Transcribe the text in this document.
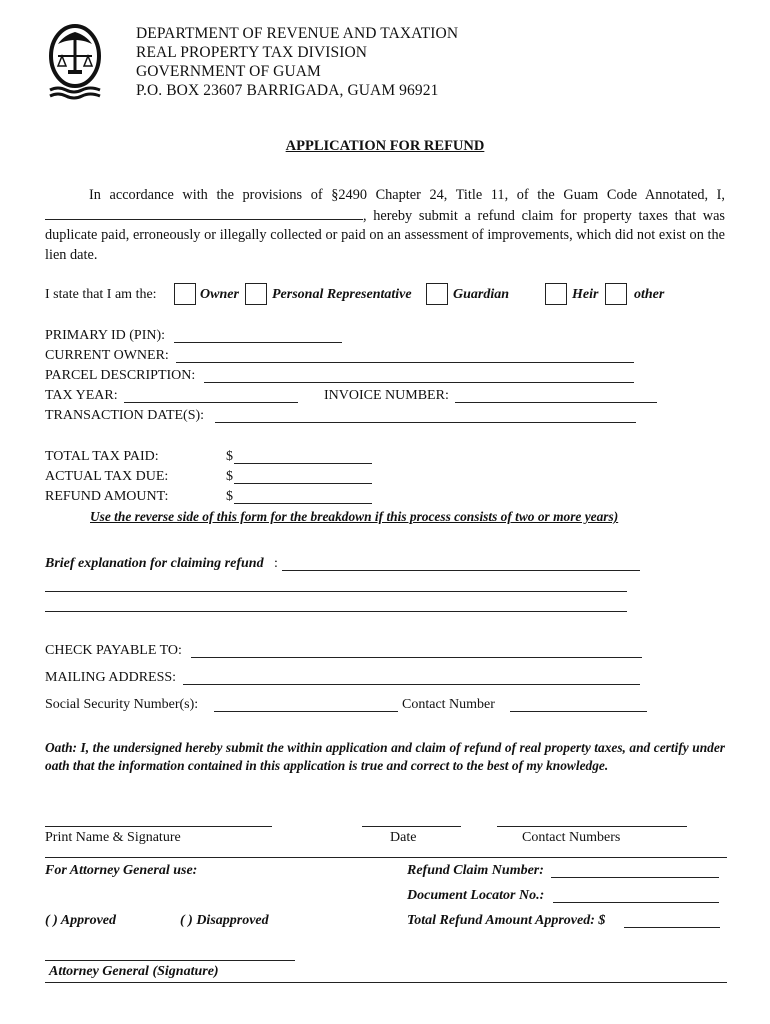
DEPARTMENT OF REVENUE AND TAXATION
REAL PROPERTY TAX DIVISION
GOVERNMENT OF GUAM
P.O. BOX 23607 BARRIGADA, GUAM 96921
APPLICATION FOR REFUND
In accordance with the provisions of §2490 Chapter 24, Title 11, of the Guam Code Annotated, I, , hereby submit a refund claim for property taxes that was duplicate paid, erroneously or illegally collected or paid on an assessment of improvements, which did not exist on the lien date.
I state that I am the:	Owner Personal Representative	Guardian	Heir	other
PRIMARY ID (PIN):
CURRENT OWNER:
PARCEL DESCRIPTION:
TAX YEAR:	INVOICE NUMBER:
TRANSACTION DATE(S):
TOTAL TAX PAID:	$
ACTUAL TAX DUE:	$
REFUND AMOUNT:	$
Use the reverse side of this form for the breakdown if this process consists of two or more years)
Brief explanation for claiming refund :
CHECK PAYABLE TO:
MAILING ADDRESS:
Social Security Number(s):	Contact Number
Oath: I, the undersigned hereby submit the within application and claim of refund of real property taxes, and certify under oath that the information contained in this application is true and correct to the best of my knowledge.
Print Name & Signature	Date	Contact Numbers
For Attorney General use:	Refund Claim Number:
Document Locator No.:
( ) Approved	( ) Disapproved	Total Refund Amount Approved: $
Attorney General (Signature)
